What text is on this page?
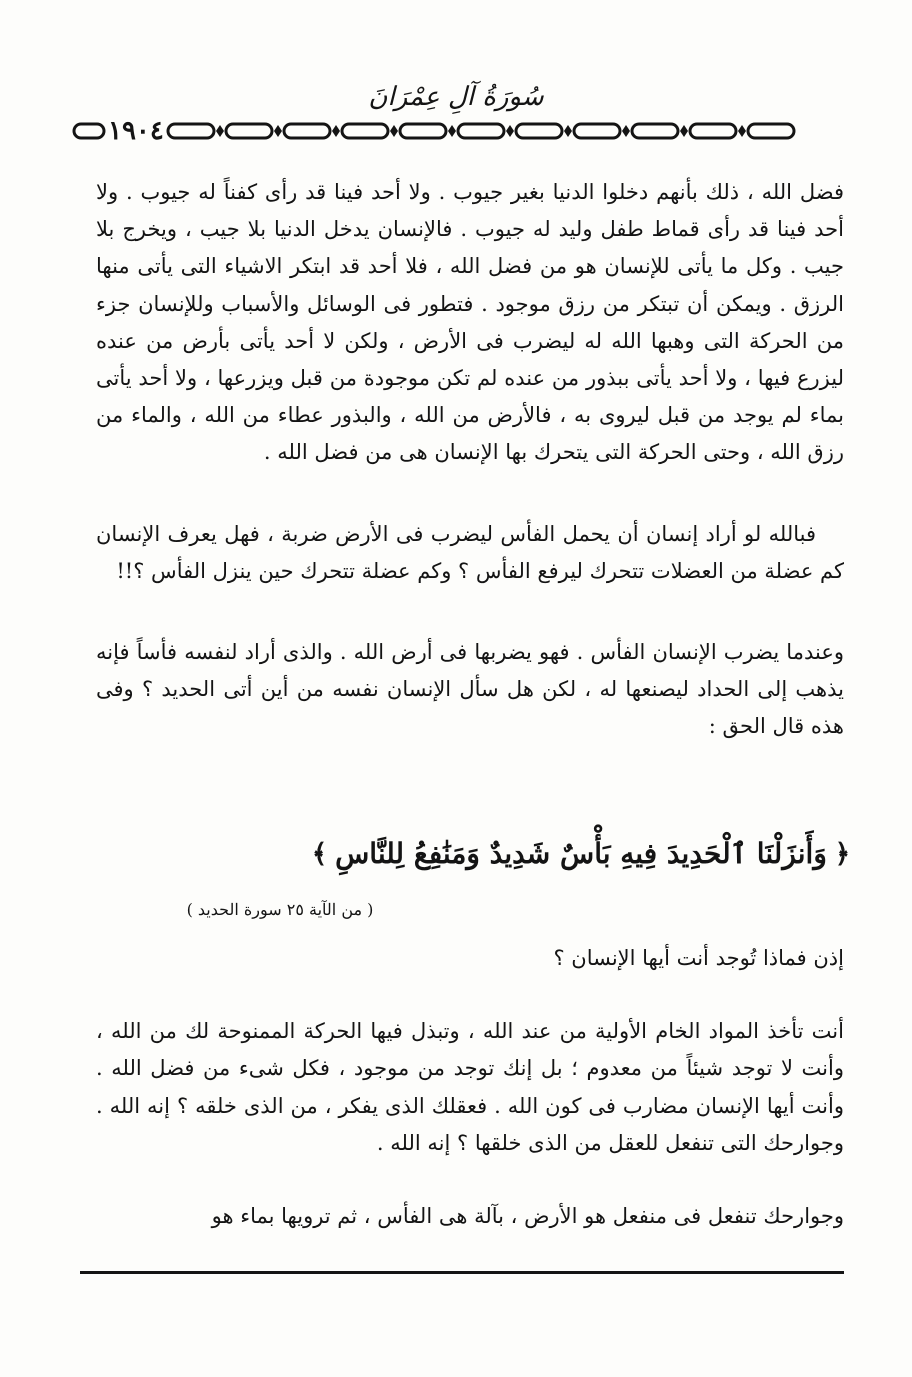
سُورَةُ آلِ عِمْرَانَ
١٩٠٤

فضل الله ، ذلك بأنهم دخلوا الدنيا بغير جيوب . ولا أحد فينا قد رأى كفناً له جيوب . ولا أحد فينا قد رأى قماط طفل وليد له جيوب . فالإنسان يدخل الدنيا بلا جيب ، ويخرج بلا جيب . وكل ما يأتى للإنسان هو من فضل الله ، فلا أحد قد ابتكر الاشياء التى يأتى منها الرزق . ويمكن أن تبتكر من رزق موجود . فتطور فى الوسائل والأسباب وللإنسان جزء من الحركة التى وهبها الله له ليضرب فى الأرض ، ولكن لا أحد يأتى بأرض من عنده ليزرع فيها ، ولا أحد يأتى ببذور من عنده لم تكن موجودة من قبل ويزرعها ، ولا أحد يأتى بماء لم يوجد من قبل ليروى به ، فالأرض من الله ، والبذور عطاء من الله ، والماء من رزق الله ، وحتى الحركة التى يتحرك بها الإنسان هى من فضل الله .

فبالله لو أراد إنسان أن يحمل الفأس ليضرب فى الأرض ضربة ، فهل يعرف الإنسان كم عضلة من العضلات تتحرك ليرفع الفأس ؟ وكم عضلة تتحرك حين ينزل الفأس ؟!!

وعندما يضرب الإنسان الفأس . فهو يضربها فى أرض الله . والذى أراد لنفسه فأساً فإنه يذهب إلى الحداد ليصنعها له ، لكن هل سأل الإنسان نفسه من أين أتى الحديد ؟ وفى هذه قال الحق :

﴿
وَأَنزَلْنَا ٱلْحَدِيدَ فِيهِ بَأْسٌ شَدِيدٌ وَمَنَٰفِعُ لِلنَّاسِ
﴾
( من الآية ٢٥ سورة الحديد )

إذن فماذا تُوجد أنت أيها الإنسان ؟

أنت تأخذ المواد الخام الأولية من عند الله ، وتبذل فيها الحركة الممنوحة لك من الله ، وأنت لا توجد شيئاً من معدوم ؛ بل إنك توجد من موجود ، فكل شىء من فضل الله . وأنت أيها الإنسان مضارب فى كون الله . فعقلك الذى يفكر ، من الذى خلقه ؟ إنه الله . وجوارحك التى تنفعل للعقل من الذى خلقها ؟ إنه الله .

وجوارحك تنفعل فى منفعل هو الأرض ، بآلة هى الفأس ، ثم ترويها بماء هو
